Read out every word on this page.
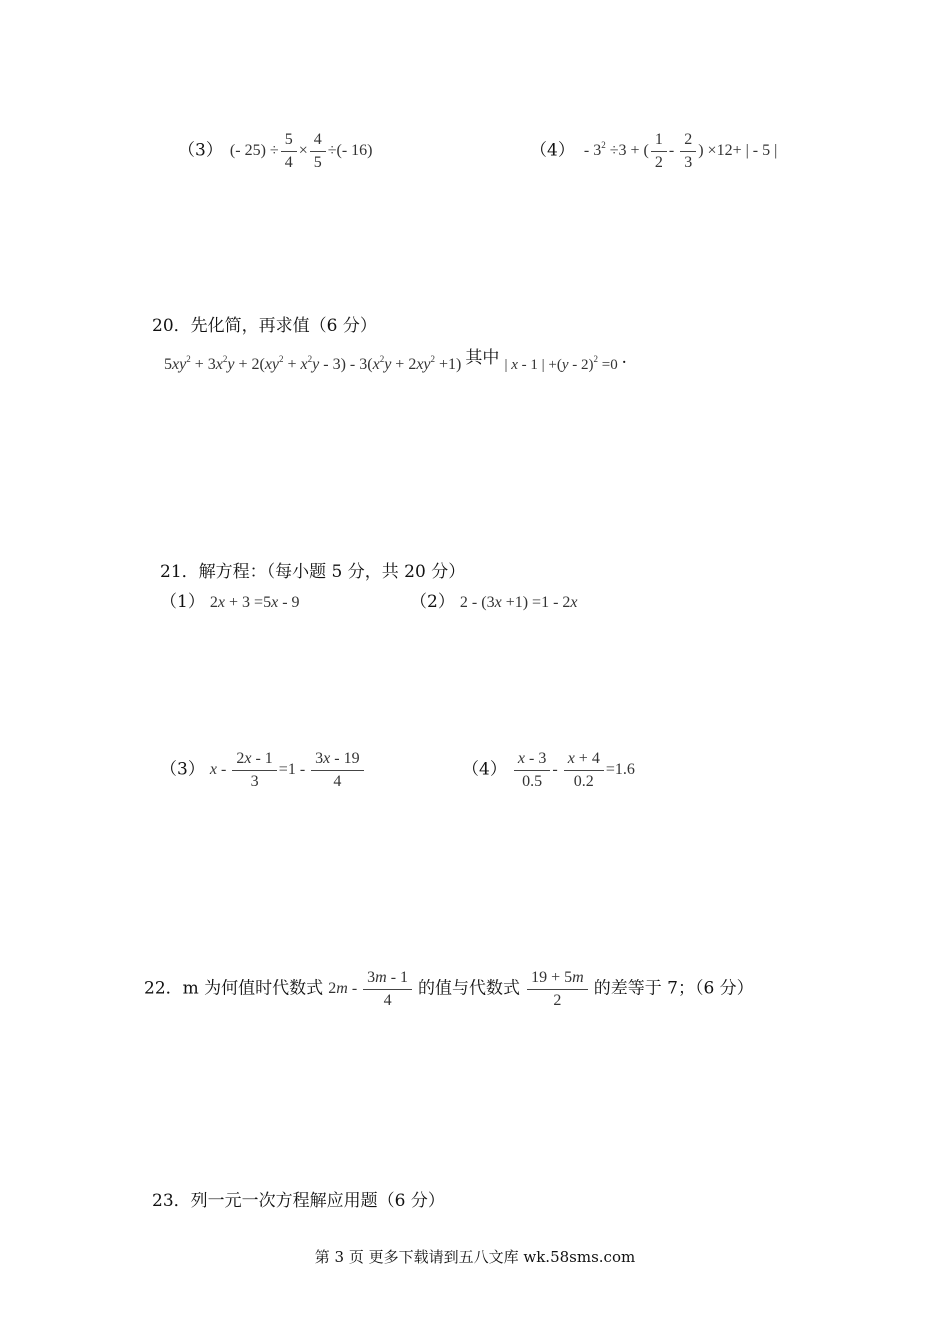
（3） (- $25) \div \frac{5}{4} \times \frac{4}{5}$ ÷(- 16)	$(4) - 3^2 \div 3$ + ( $\frac{1}{2} - \frac{2}{3}$ ) ×12+ | - 5 |
20．先化简，再求值（6 分）
$5xy^2 + 3x^2y + 2(xy^2 + x^2y - 3) - 3(x^2y + 2xy^2 +1)$ 其中 | x - 1 | +(y - 2)$^2$ =0 .
21．解方程：（每小题 5 分，共 20 分）
（1） 2x + 3 =5x - 9	（2） 2 - (3x +1) =1 - 2x
（3） $x - \frac{2x - 1}{3} =1 - \frac{3x - 19}{4}$	$(4) \frac{x - 3}{0.5} - \frac{x + 4}{0.2} =1.6$
22．m 为何值时代数式 $2m - \frac{3m - 1}{4}$ 的值与代数式 $\frac{19 + 5m}{2}$ 的差等于 7；（6 分）
23．列一元一次方程解应用题（6 分）
第 3 页 更多下载请到五八文库 wk.58sms.com
